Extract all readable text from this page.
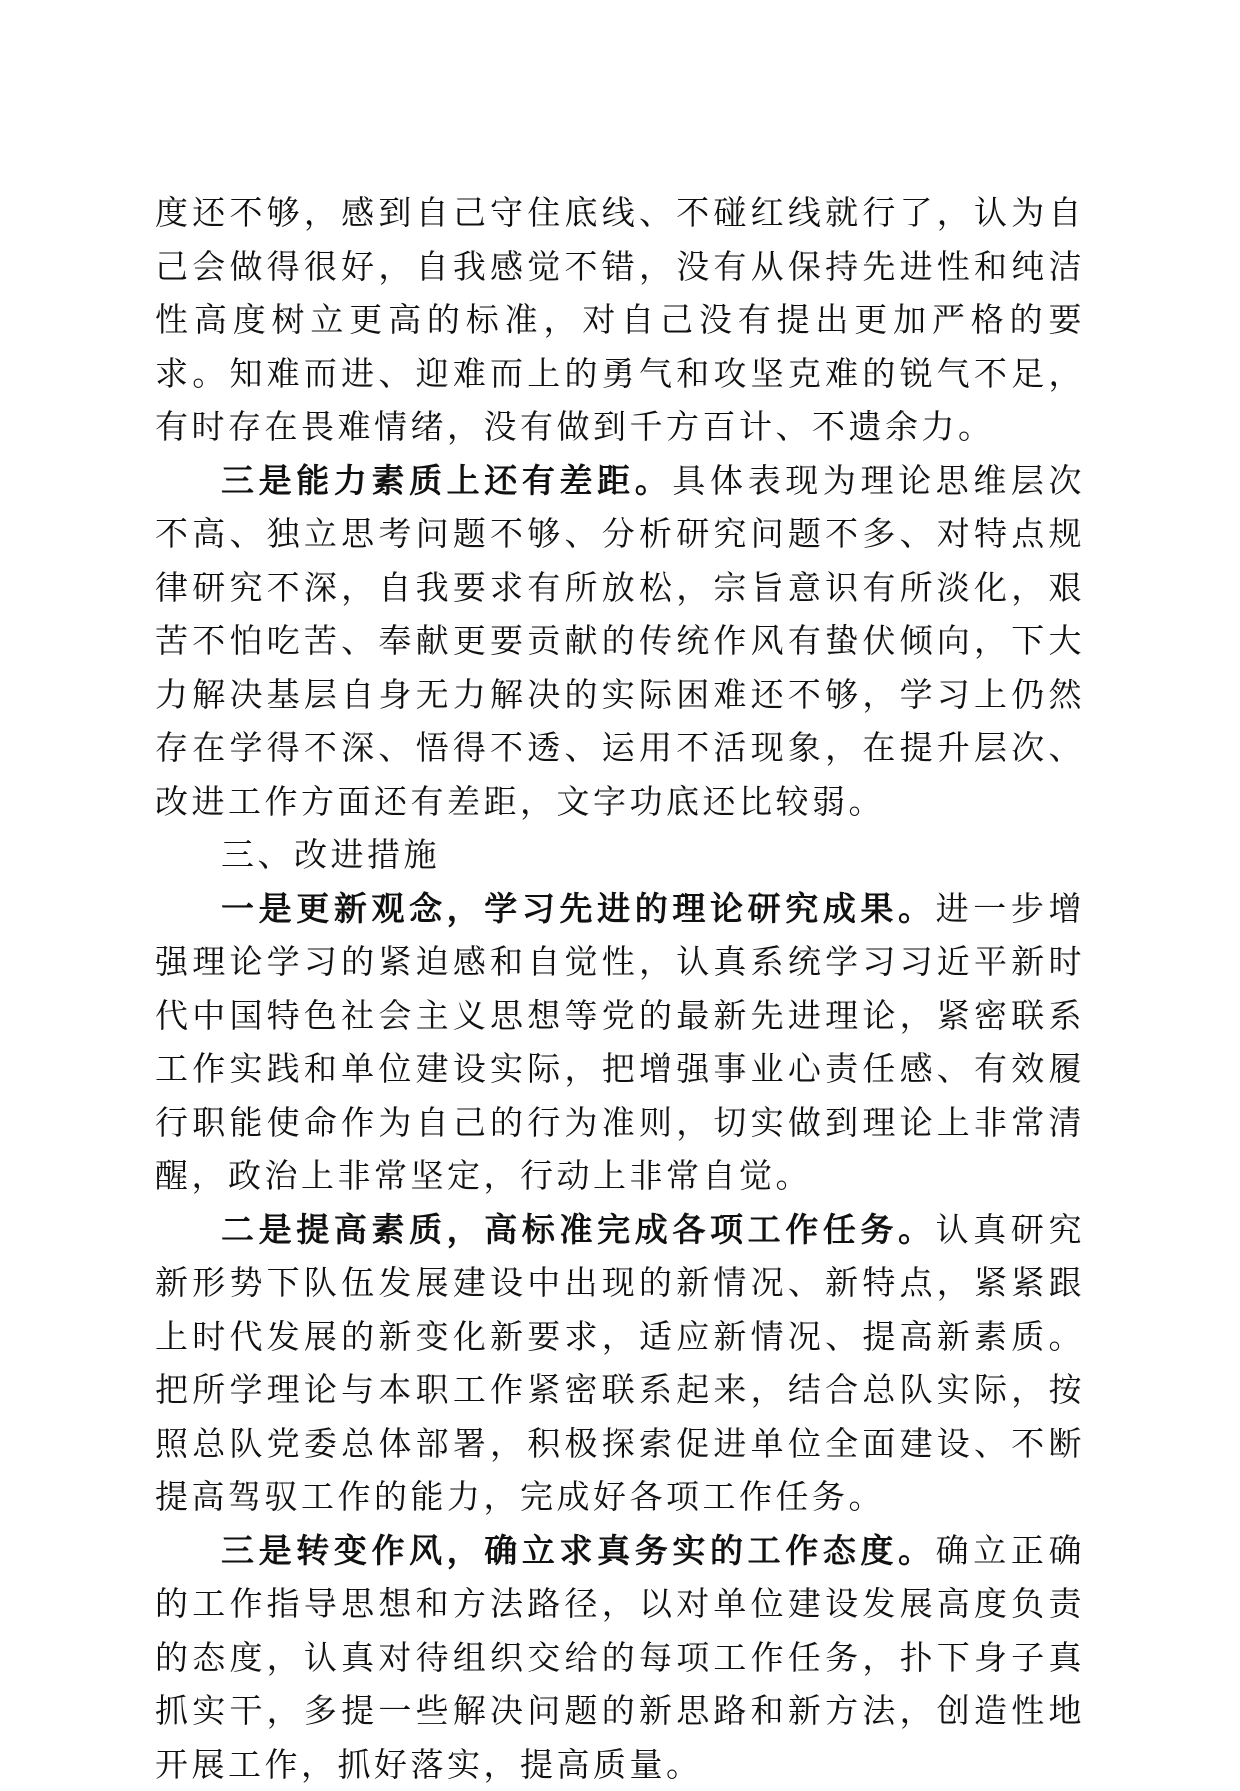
度还不够，感到自己守住底线、不碰红线就行了，认为自己会做得很好，自我感觉不错，没有从保持先进性和纯洁性高度树立更高的标准，对自己没有提出更加严格的要求。知难而进、迎难而上的勇气和攻坚克难的锐气不足，有时存在畏难情绪，没有做到千方百计、不遗余力。

三是能力素质上还有差距。具体表现为理论思维层次不高、独立思考问题不够、分析研究问题不多、对特点规律研究不深，自我要求有所放松，宗旨意识有所淡化，艰苦不怕吃苦、奉献更要贡献的传统作风有蛰伏倾向，下大力解决基层自身无力解决的实际困难还不够，学习上仍然存在学得不深、悟得不透、运用不活现象，在提升层次、改进工作方面还有差距，文字功底还比较弱。

三、改进措施

一是更新观念，学习先进的理论研究成果。进一步增强理论学习的紧迫感和自觉性，认真系统学习习近平新时代中国特色社会主义思想等党的最新先进理论，紧密联系工作实践和单位建设实际，把增强事业心责任感、有效履行职能使命作为自己的行为准则，切实做到理论上非常清醒，政治上非常坚定，行动上非常自觉。

二是提高素质，高标准完成各项工作任务。认真研究新形势下队伍发展建设中出现的新情况、新特点，紧紧跟上时代发展的新变化新要求，适应新情况、提高新素质。把所学理论与本职工作紧密联系起来，结合总队实际，按照总队党委总体部署，积极探索促进单位全面建设、不断提高驾驭工作的能力，完成好各项工作任务。

三是转变作风，确立求真务实的工作态度。确立正确的工作指导思想和方法路径，以对单位建设发展高度负责的态度，认真对待组织交给的每项工作任务，扑下身子真抓实干，多提一些解决问题的新思路和新方法，创造性地开展工作，抓好落实，提高质量。
